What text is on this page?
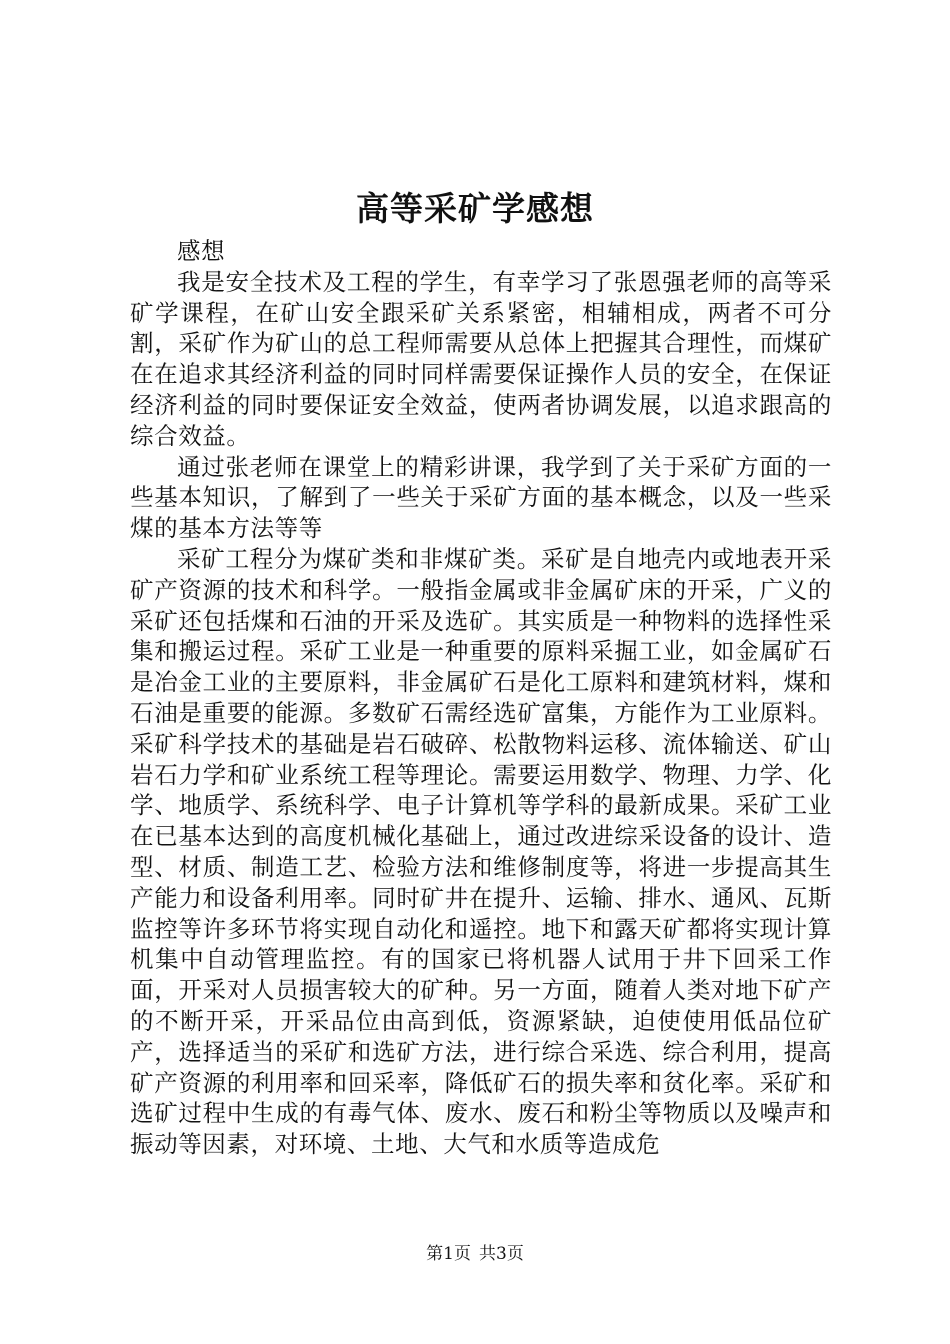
高等采矿学感想

感想

我是安全技术及工程的学生，有幸学习了张恩强老师的高等采矿学课程，在矿山安全跟采矿关系紧密，相辅相成，两者不可分割，采矿作为矿山的总工程师需要从总体上把握其合理性，而煤矿在在追求其经济利益的同时同样需要保证操作人员的安全，在保证经济利益的同时要保证安全效益，使两者协调发展，以追求跟高的综合效益。

通过张老师在课堂上的精彩讲课，我学到了关于采矿方面的一些基本知识，了解到了一些关于采矿方面的基本概念，以及一些采煤的基本方法等等

采矿工程分为煤矿类和非煤矿类。采矿是自地壳内或地表开采矿产资源的技术和科学。一般指金属或非金属矿床的开采，广义的采矿还包括煤和石油的开采及选矿。其实质是一种物料的选择性采集和搬运过程。采矿工业是一种重要的原料采掘工业，如金属矿石是冶金工业的主要原料，非金属矿石是化工原料和建筑材料，煤和石油是重要的能源。多数矿石需经选矿富集，方能作为工业原料。采矿科学技术的基础是岩石破碎、松散物料运移、流体输送、矿山岩石力学和矿业系统工程等理论。需要运用数学、物理、力学、化学、地质学、系统科学、电子计算机等学科的最新成果。采矿工业在已基本达到的高度机械化基础上，通过改进综采设备的设计、造型、材质、制造工艺、检验方法和维修制度等，将进一步提高其生产能力和设备利用率。同时矿井在提升、运输、排水、通风、瓦斯监控等许多环节将实现自动化和遥控。地下和露天矿都将实现计算机集中自动管理监控。有的国家已将机器人试用于井下回采工作面，开采对人员损害较大的矿种。另一方面，随着人类对地下矿产的不断开采，开采品位由高到低，资源紧缺，迫使使用低品位矿产，选择适当的采矿和选矿方法，进行综合采选、综合利用，提高矿产资源的利用率和回采率，降低矿石的损失率和贫化率。采矿和选矿过程中生成的有毒气体、废水、废石和粉尘等物质以及噪声和振动等因素，对环境、土地、大气和水质等造成危

第1页 共3页
